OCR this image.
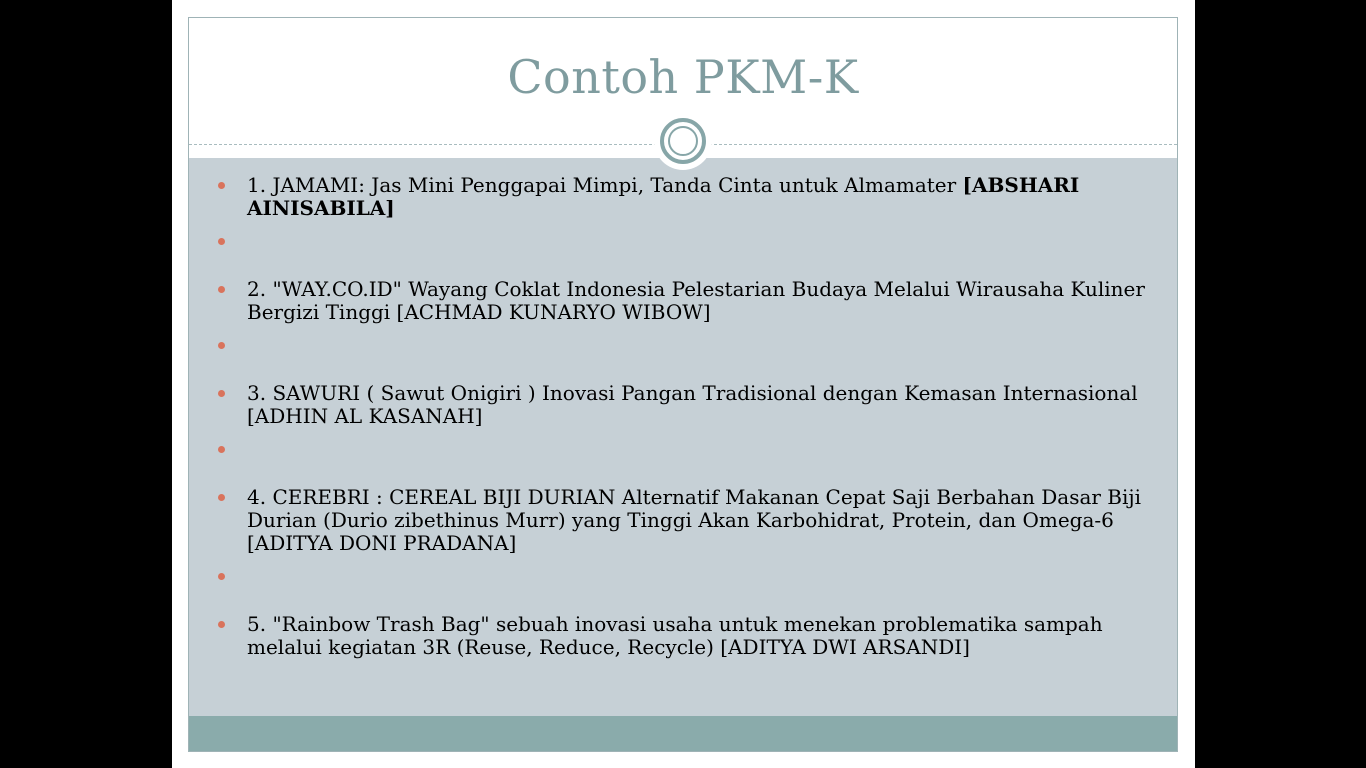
Contoh PKM-K
1. JAMAMI: Jas Mini Penggapai Mimpi, Tanda Cinta untuk Almamater [ABSHARI AINISABILA]
2. "WAY.CO.ID" Wayang Coklat Indonesia Pelestarian Budaya Melalui Wirausaha Kuliner Bergizi Tinggi [ACHMAD KUNARYO WIBOW]
3. SAWURI ( Sawut Onigiri ) Inovasi Pangan Tradisional dengan Kemasan Internasional [ADHIN AL KASANAH]
4. CEREBRI : CEREAL BIJI DURIAN Alternatif Makanan Cepat Saji Berbahan Dasar Biji Durian (Durio zibethinus Murr) yang Tinggi Akan Karbohidrat, Protein, dan Omega-6 [ADITYA DONI PRADANA]
5. "Rainbow Trash Bag" sebuah inovasi usaha untuk menekan problematika sampah melalui kegiatan 3R (Reuse, Reduce, Recycle) [ADITYA DWI ARSANDI]
